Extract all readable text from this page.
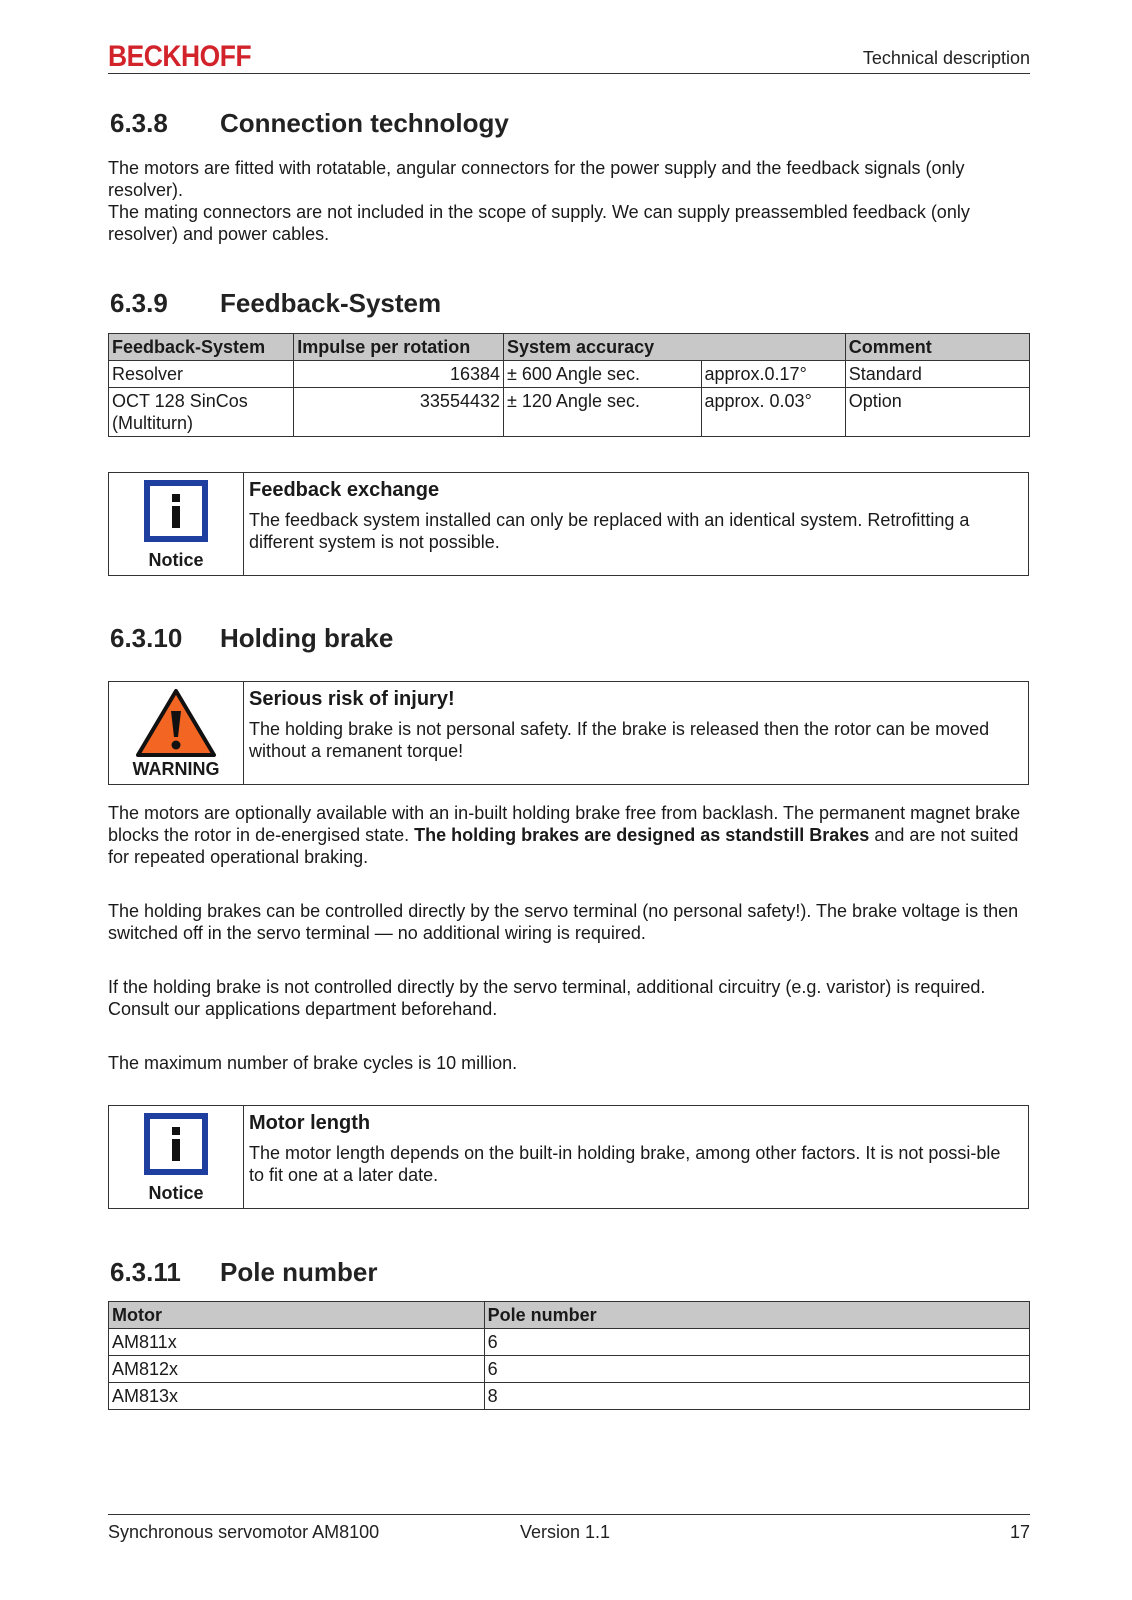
BECKHOFF	Technical description
6.3.8 Connection technology

The motors are fitted with rotatable, angular connectors for the power supply and the feedback signals (only resolver).

The mating connectors are not included in the scope of supply. We can supply preassembled feedback (only resolver) and power cables.

6.3.9 Feedback-System
Feedback-System	Impulse per rotation	System accuracy		Comment
Resolver	16384	± 600 Angle sec.	approx.0.17°	Standard
OCT 128 SinCos (Multiturn)	33554432	± 120 Angle sec.	approx. 0.03°	Option
Notice
Feedback exchange
The feedback system installed can only be replaced with an identical system. Retrofitting a different system is not possible.
6.3.10 Holding brake
WARNING
Serious risk of injury!
The holding brake is not personal safety. If the brake is released then the rotor can be moved without a remanent torque!

The motors are optionally available with an in-built holding brake free from backlash. The permanent magnet brake blocks the rotor in de-energised state. The holding brakes are designed as standstill Brakes and are not suited for repeated operational braking.

The holding brakes can be controlled directly by the servo terminal (no personal safety!). The brake voltage is then switched off in the servo terminal — no additional wiring is required.

If the holding brake is not controlled directly by the servo terminal, additional circuitry (e.g. varistor) is required. Consult our applications department beforehand.

The maximum number of brake cycles is 10 million.

Notice
Motor length
The motor length depends on the built-in holding brake, among other factors. It is not possi-ble to fit one at a later date.
6.3.11 Pole number
Motor	Pole number
AM811x	6
AM812x	6
AM813x	8
Synchronous servomotor AM8100	Version 1.1	17
